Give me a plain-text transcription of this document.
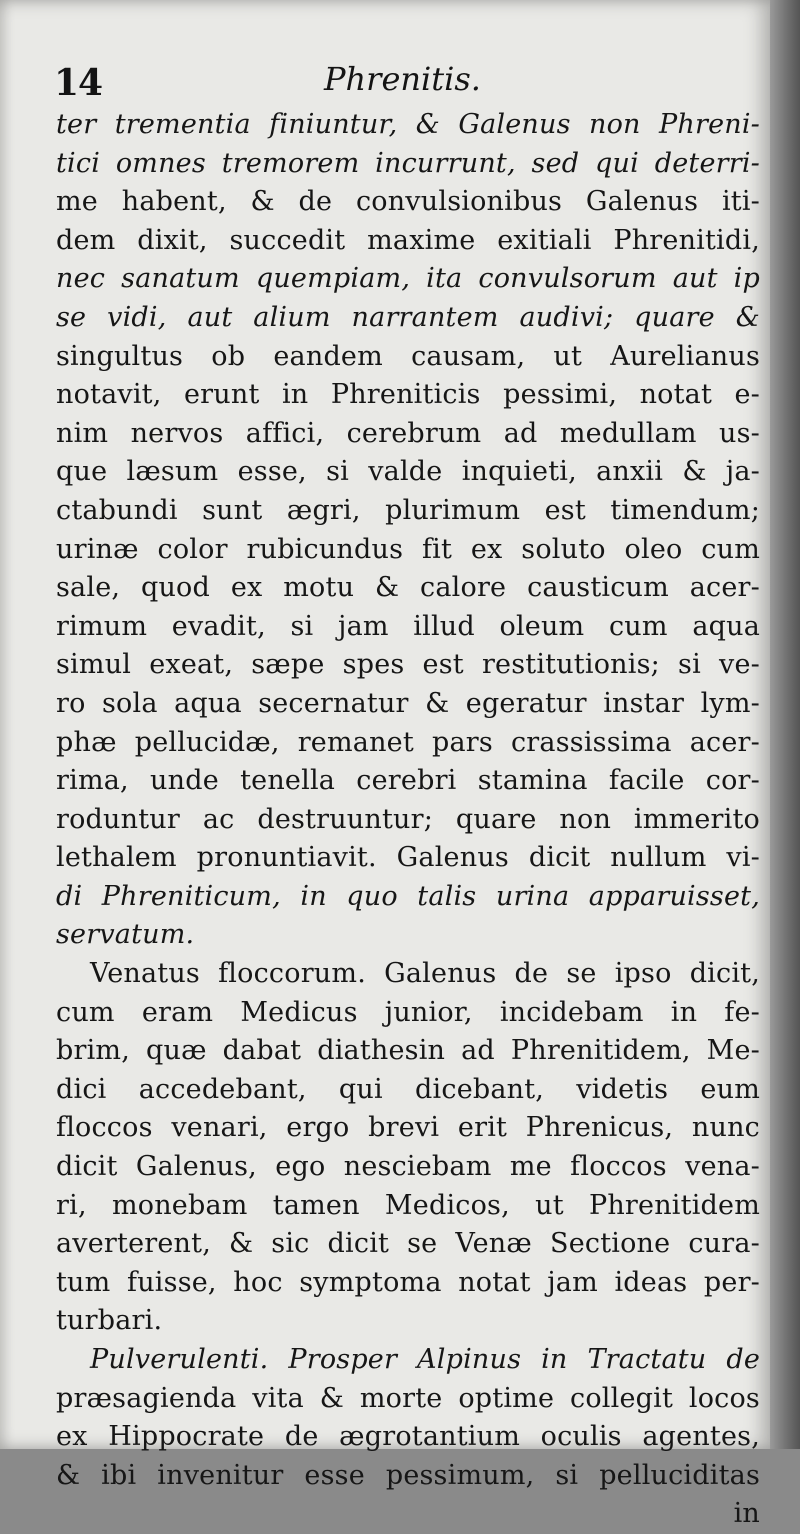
14	Phrenitis.
ter trementia finiuntur, & Galenus non Phreni-
tici omnes tremorem incurrunt, sed qui deterri-
me habent, & de convulsionibus Galenus iti-
dem dixit, succedit maxime exitiali Phrenitidi,
nec sanatum quempiam, ita convulsorum aut ip
se vidi, aut alium narrantem audivi; quare &
singultus ob eandem causam, ut Aurelianus
notavit, erunt in Phreniticis pessimi, notat e-
nim nervos affici, cerebrum ad medullam us-
que læsum esse, si valde inquieti, anxii & ja-
ctabundi sunt ægri, plurimum est timendum;
urinæ color rubicundus fit ex soluto oleo cum
sale, quod ex motu & calore causticum acer-
rimum evadit, si jam illud oleum cum aqua
simul exeat, sæpe spes est restitutionis; si ve-
ro sola aqua secernatur & egeratur instar lym-
phæ pellucidæ, remanet pars crassissima acer-
rima, unde tenella cerebri stamina facile cor-
roduntur ac destruuntur; quare non immerito
lethalem pronuntiavit. Galenus dicit nullum vi-
di Phreniticum, in quo talis urina apparuisset,
servatum.
Venatus floccorum. Galenus de se ipso dicit,
cum eram Medicus junior, incidebam in fe-
brim, quæ dabat diathesin ad Phrenitidem, Me-
dici accedebant, qui dicebant, videtis eum
floccos venari, ergo brevi erit Phrenicus, nunc
dicit Galenus, ego nesciebam me floccos vena-
ri, monebam tamen Medicos, ut Phrenitidem
averterent, & sic dicit se Venæ Sectione cura-
tum fuisse, hoc symptoma notat jam ideas per-
turbari.
Pulverulenti. Prosper Alpinus in Tractatu de
præsagienda vita & morte optime collegit locos
ex Hippocrate de ægrotantium oculis agentes,
& ibi invenitur esse pessimum, si pelluciditas
in
